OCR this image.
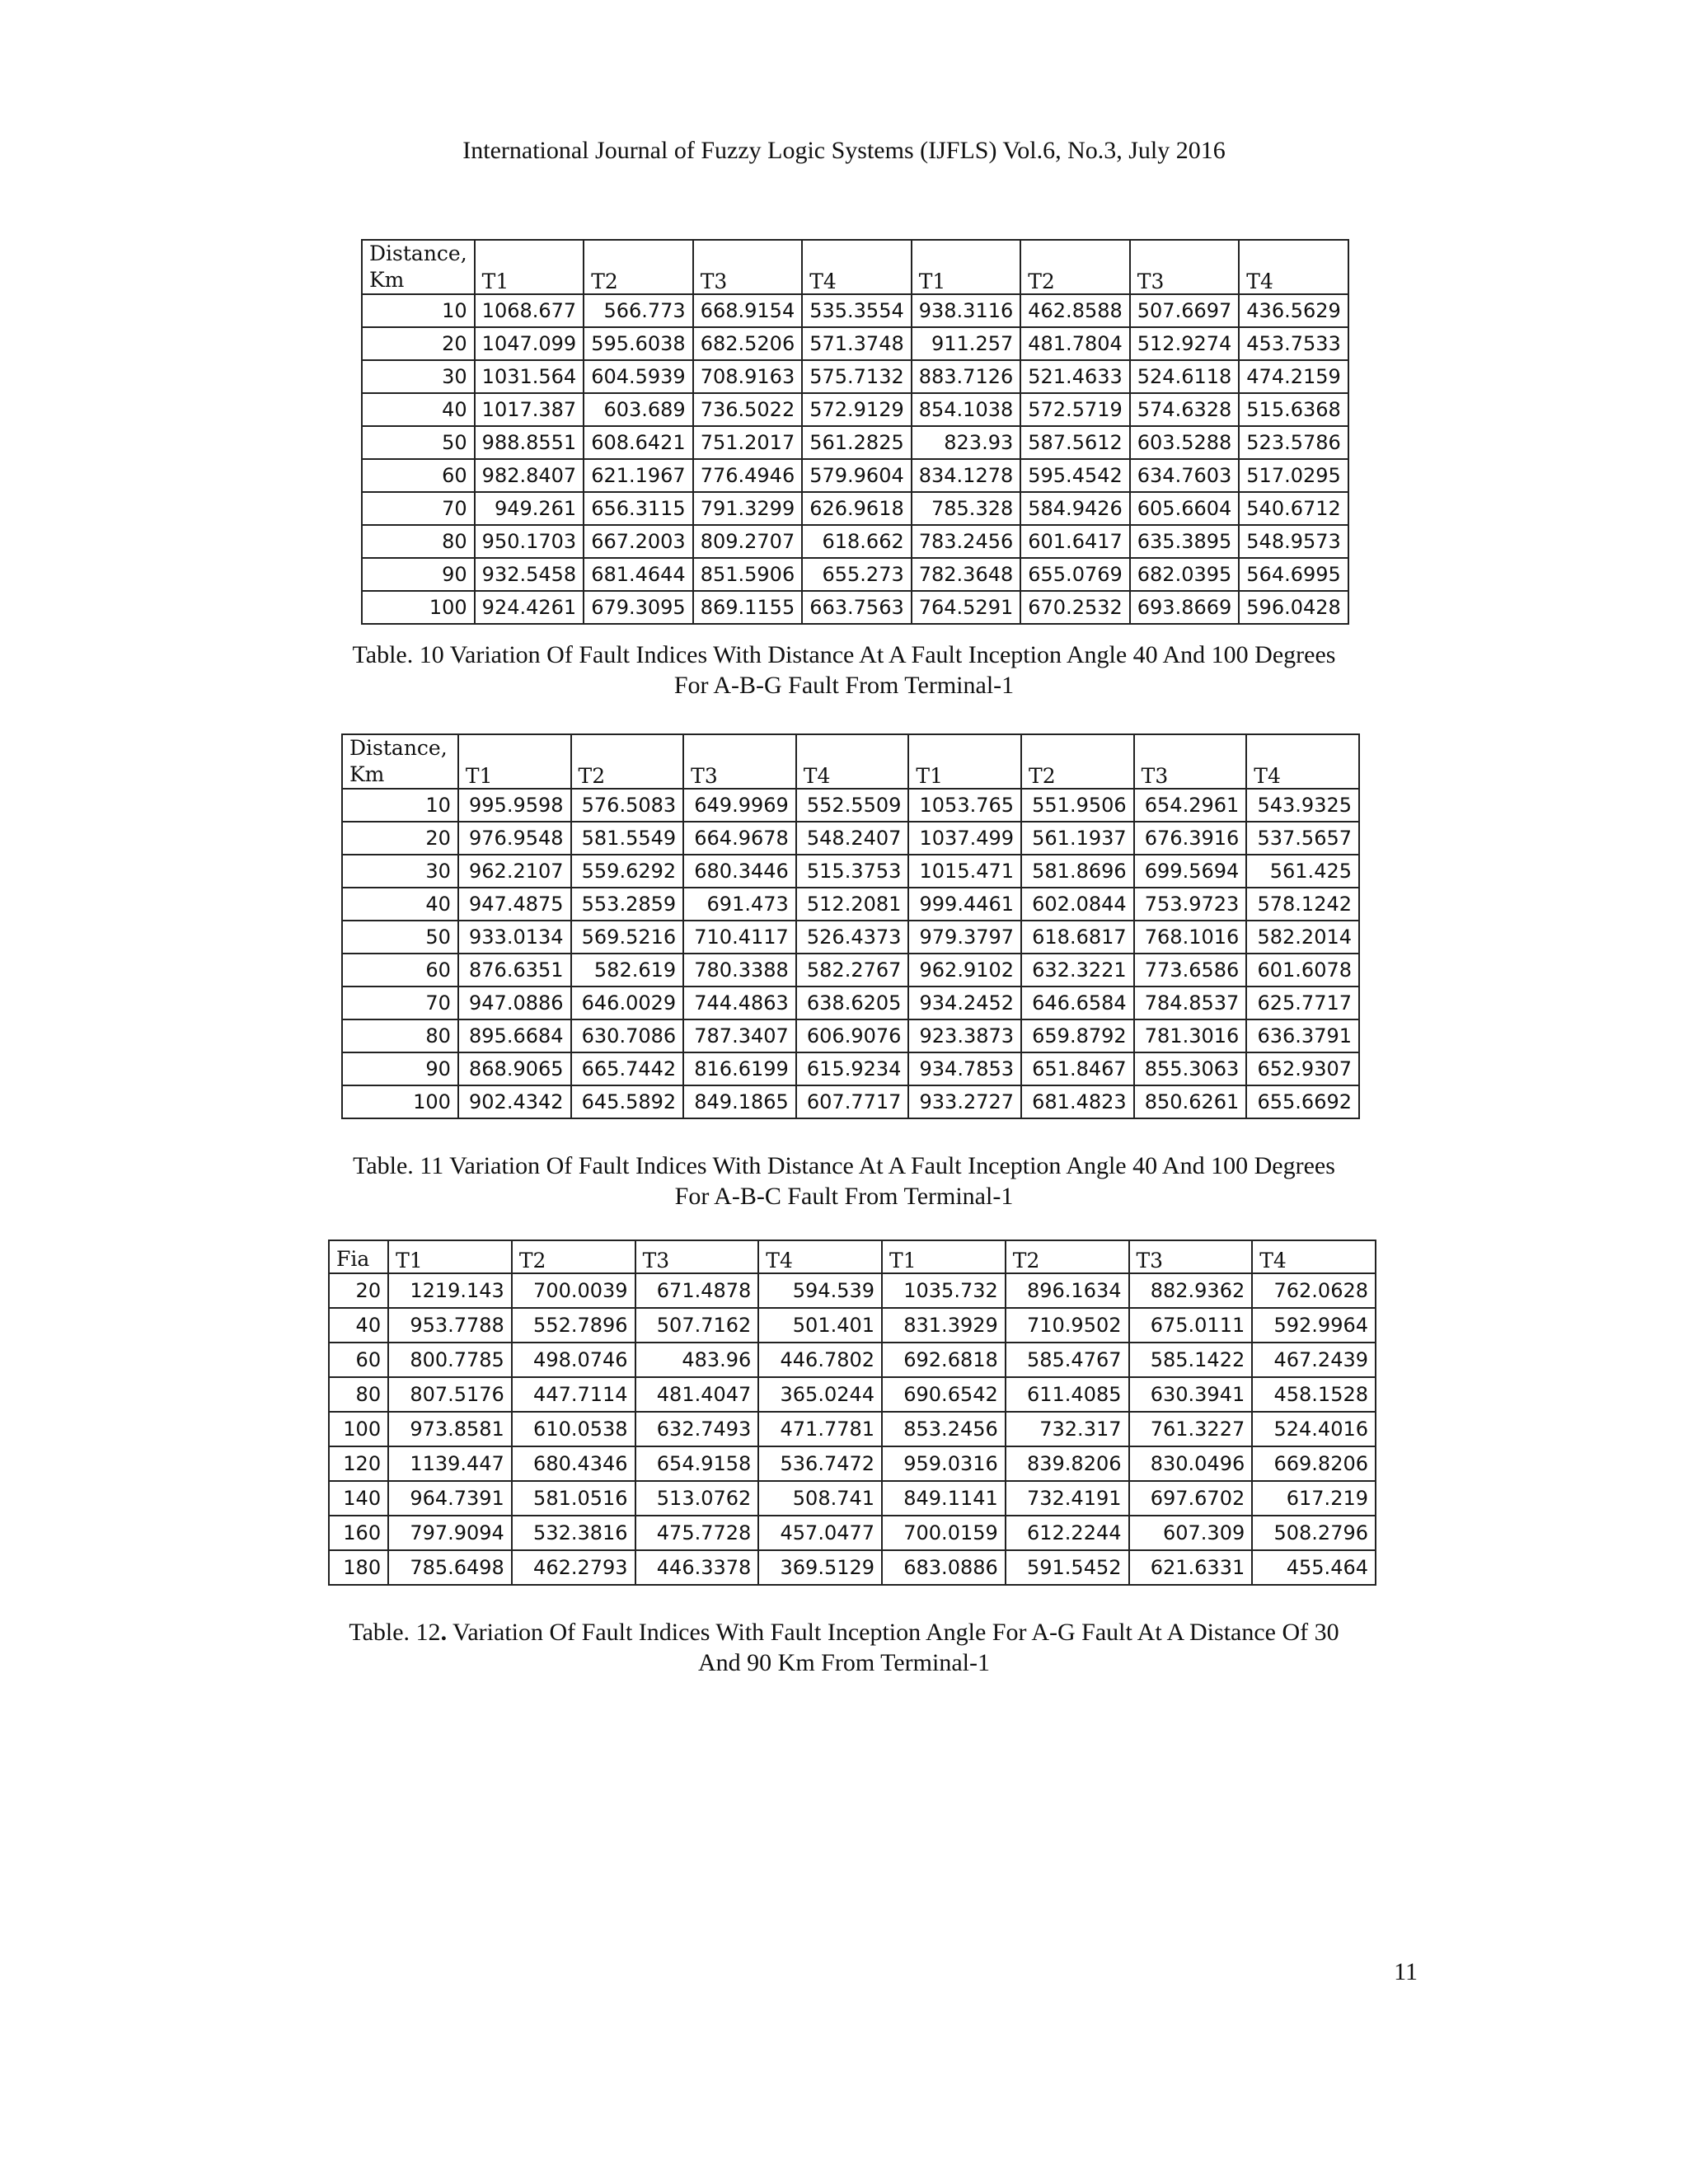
International Journal of Fuzzy Logic Systems (IJFLS) Vol.6, No.3, July 2016
Distance,
Km	T1	T2	T3	T4	T1	T2	T3	T4
10	1068.677	566.773	668.9154	535.3554	938.3116	462.8588	507.6697	436.5629
20	1047.099	595.6038	682.5206	571.3748	911.257	481.7804	512.9274	453.7533
30	1031.564	604.5939	708.9163	575.7132	883.7126	521.4633	524.6118	474.2159
40	1017.387	603.689	736.5022	572.9129	854.1038	572.5719	574.6328	515.6368
50	988.8551	608.6421	751.2017	561.2825	823.93	587.5612	603.5288	523.5786
60	982.8407	621.1967	776.4946	579.9604	834.1278	595.4542	634.7603	517.0295
70	949.261	656.3115	791.3299	626.9618	785.328	584.9426	605.6604	540.6712
80	950.1703	667.2003	809.2707	618.662	783.2456	601.6417	635.3895	548.9573
90	932.5458	681.4644	851.5906	655.273	782.3648	655.0769	682.0395	564.6995
100	924.4261	679.3095	869.1155	663.7563	764.5291	670.2532	693.8669	596.0428
Table. 10 Variation Of Fault Indices With Distance At A Fault Inception Angle 40 And 100 Degrees
For A-B-G Fault From Terminal-1
Distance,
Km	T1	T2	T3	T4	T1	T2	T3	T4
10	995.9598	576.5083	649.9969	552.5509	1053.765	551.9506	654.2961	543.9325
20	976.9548	581.5549	664.9678	548.2407	1037.499	561.1937	676.3916	537.5657
30	962.2107	559.6292	680.3446	515.3753	1015.471	581.8696	699.5694	561.425
40	947.4875	553.2859	691.473	512.2081	999.4461	602.0844	753.9723	578.1242
50	933.0134	569.5216	710.4117	526.4373	979.3797	618.6817	768.1016	582.2014
60	876.6351	582.619	780.3388	582.2767	962.9102	632.3221	773.6586	601.6078
70	947.0886	646.0029	744.4863	638.6205	934.2452	646.6584	784.8537	625.7717
80	895.6684	630.7086	787.3407	606.9076	923.3873	659.8792	781.3016	636.3791
90	868.9065	665.7442	816.6199	615.9234	934.7853	651.8467	855.3063	652.9307
100	902.4342	645.5892	849.1865	607.7717	933.2727	681.4823	850.6261	655.6692
Table. 11 Variation Of Fault Indices With Distance At A Fault Inception Angle 40 And 100 Degrees
For A-B-C Fault From Terminal-1
Fia	T1	T2	T3	T4	T1	T2	T3	T4
20	1219.143	700.0039	671.4878	594.539	1035.732	896.1634	882.9362	762.0628
40	953.7788	552.7896	507.7162	501.401	831.3929	710.9502	675.0111	592.9964
60	800.7785	498.0746	483.96	446.7802	692.6818	585.4767	585.1422	467.2439
80	807.5176	447.7114	481.4047	365.0244	690.6542	611.4085	630.3941	458.1528
100	973.8581	610.0538	632.7493	471.7781	853.2456	732.317	761.3227	524.4016
120	1139.447	680.4346	654.9158	536.7472	959.0316	839.8206	830.0496	669.8206
140	964.7391	581.0516	513.0762	508.741	849.1141	732.4191	697.6702	617.219
160	797.9094	532.3816	475.7728	457.0477	700.0159	612.2244	607.309	508.2796
180	785.6498	462.2793	446.3378	369.5129	683.0886	591.5452	621.6331	455.464
Table. 12. Variation Of Fault Indices With Fault Inception Angle For A-G Fault At A Distance Of 30
And 90 Km From Terminal-1
11
